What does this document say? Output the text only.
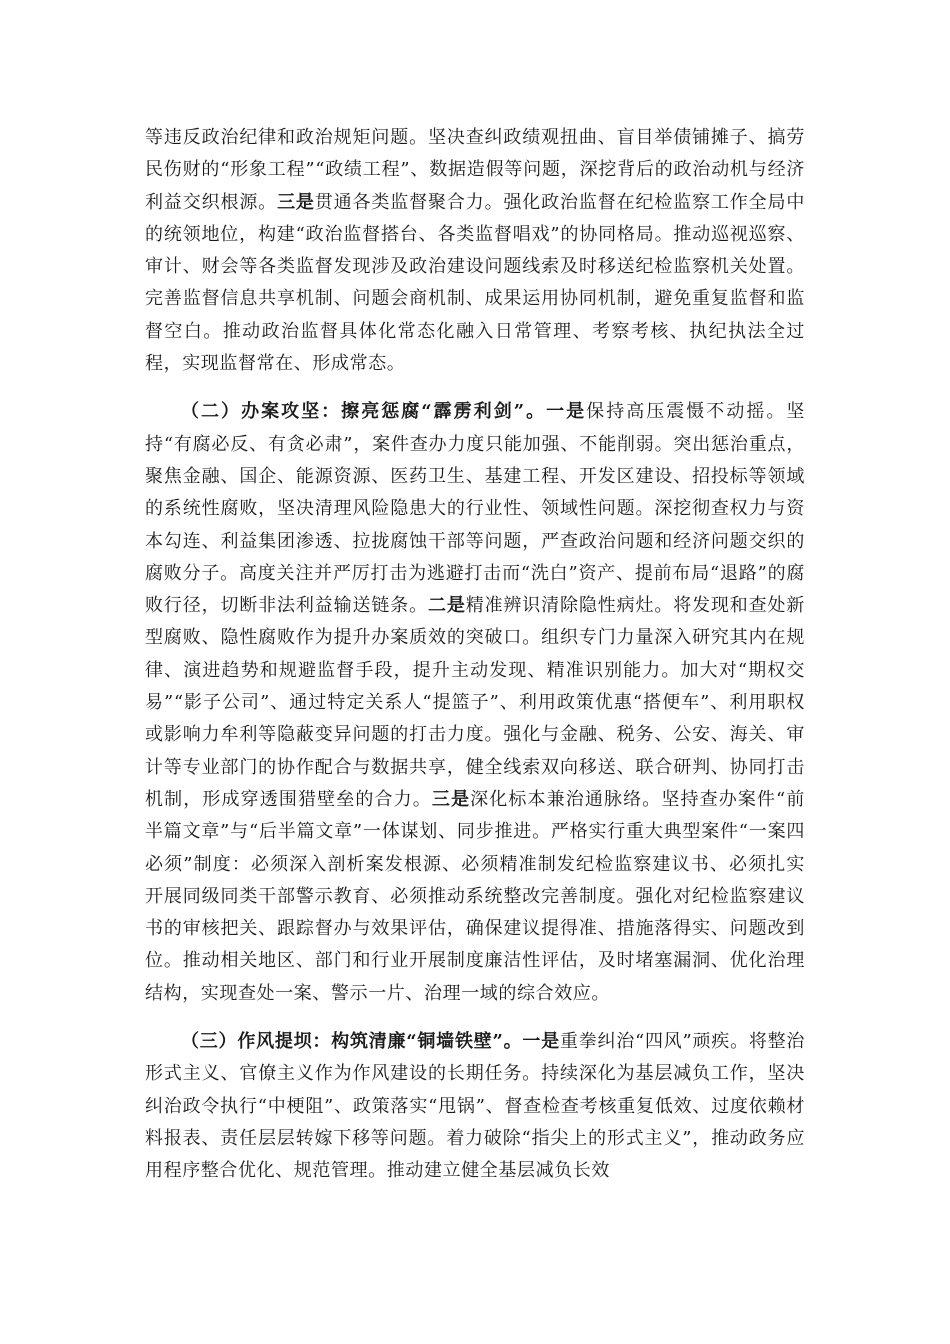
等违反政治纪律和政治规矩问题。坚决查纠政绩观扭曲、盲目举债铺摊子、搞劳民伤财的“形象工程”“政绩工程”、数据造假等问题，深挖背后的政治动机与经济利益交织根源。三是贯通各类监督聚合力。强化政治监督在纪检监察工作全局中的统领地位，构建“政治监督搭台、各类监督唱戏”的协同格局。推动巡视巡察、审计、财会等各类监督发现涉及政治建设问题线索及时移送纪检监察机关处置。完善监督信息共享机制、问题会商机制、成果运用协同机制，避免重复监督和监督空白。推动政治监督具体化常态化融入日常管理、考察考核、执纪执法全过程，实现监督常在、形成常态。

（二）办案攻坚：擦亮惩腐“霹雳利剑”。一是保持高压震慑不动摇。坚持“有腐必反、有贪必肃”，案件查办力度只能加强、不能削弱。突出惩治重点，聚焦金融、国企、能源资源、医药卫生、基建工程、开发区建设、招投标等领域的系统性腐败，坚决清理风险隐患大的行业性、领域性问题。深挖彻查权力与资本勾连、利益集团渗透、拉拢腐蚀干部等问题，严查政治问题和经济问题交织的腐败分子。高度关注并严厉打击为逃避打击而“洗白”资产、提前布局“退路”的腐败行径，切断非法利益输送链条。二是精准辨识清除隐性病灶。将发现和查处新型腐败、隐性腐败作为提升办案质效的突破口。组织专门力量深入研究其内在规律、演进趋势和规避监督手段，提升主动发现、精准识别能力。加大对“期权交易”“影子公司”、通过特定关系人“提篮子”、利用政策优惠“搭便车”、利用职权或影响力牟利等隐蔽变异问题的打击力度。强化与金融、税务、公安、海关、审计等专业部门的协作配合与数据共享，健全线索双向移送、联合研判、协同打击机制，形成穿透围猎壁垒的合力。三是深化标本兼治通脉络。坚持查办案件“前半篇文章”与“后半篇文章”一体谋划、同步推进。严格实行重大典型案件“一案四必须”制度：必须深入剖析案发根源、必须精准制发纪检监察建议书、必须扎实开展同级同类干部警示教育、必须推动系统整改完善制度。强化对纪检监察建议书的审核把关、跟踪督办与效果评估，确保建议提得准、措施落得实、问题改到位。推动相关地区、部门和行业开展制度廉洁性评估，及时堵塞漏洞、优化治理结构，实现查处一案、警示一片、治理一域的综合效应。

（三）作风提坝：构筑清廉“铜墙铁壁”。一是重拳纠治“四风”顽疾。将整治形式主义、官僚主义作为作风建设的长期任务。持续深化为基层减负工作，坚决纠治政令执行“中梗阻”、政策落实“甩锅”、督查检查考核重复低效、过度依赖材料报表、责任层层转嫁下移等问题。着力破除“指尖上的形式主义”，推动政务应用程序整合优化、规范管理。推动建立健全基层减负长效
